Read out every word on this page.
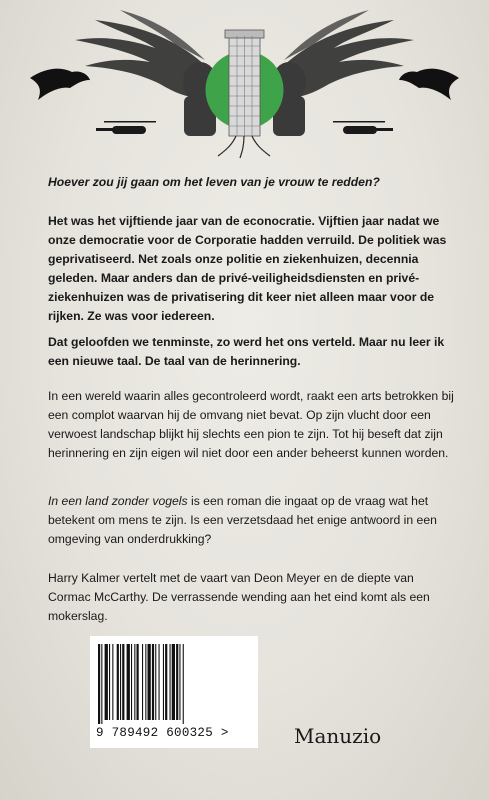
Hoever zou jij gaan om het leven van je vrouw te redden?

Het was het vijftiende jaar van de econocratie. Vijftien jaar nadat we onze democratie voor de Corporatie hadden verruild. De politiek was geprivatiseerd. Net zoals onze politie en ziekenhuizen, decennia geleden. Maar anders dan de privé-veiligheidsdiensten en privé-ziekenhuizen was de privatisering dit keer niet alleen maar voor de rijken. Ze was voor iedereen.

Dat geloofden we tenminste, zo werd het ons verteld. Maar nu leer ik een nieuwe taal. De taal van de herinnering.

In een wereld waarin alles gecontroleerd wordt, raakt een arts betrokken bij een complot waarvan hij de omvang niet bevat. Op zijn vlucht door een verwoest landschap blijkt hij slechts een pion te zijn. Tot hij beseft dat zijn herinnering en zijn eigen wil niet door een ander beheerst kunnen worden.

In een land zonder vogels is een roman die ingaat op de vraag wat het betekent om mens te zijn. Is een verzetsdaad het enige antwoord in een omgeving van onderdrukking?

Harry Kalmer vertelt met de vaart van Deon Meyer en de diepte van Cormac McCarthy. De verrassende wending aan het eind komt als een mokerslag.

9 789492 600325 >	Manuzio
